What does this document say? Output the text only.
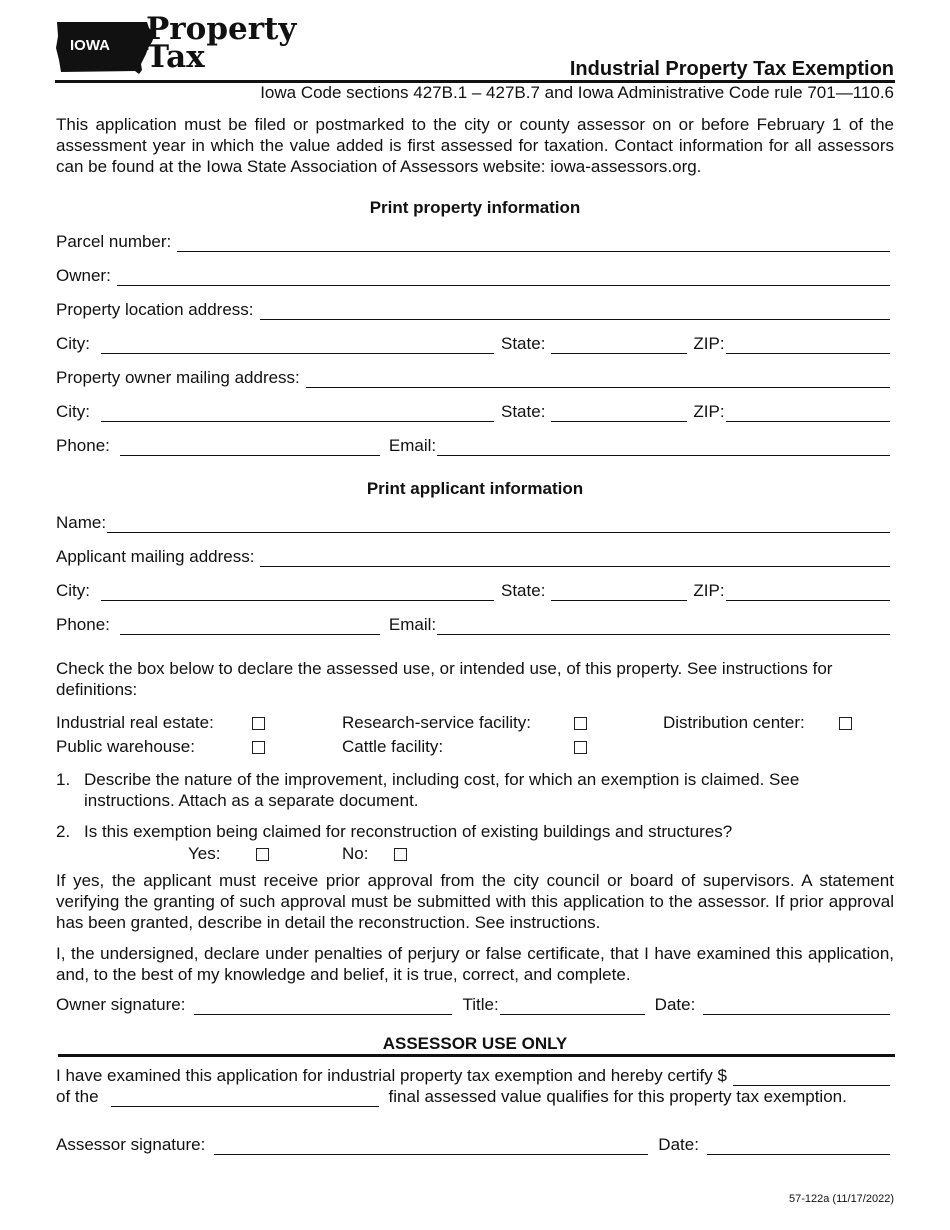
IOWA Property
Tax	Industrial Property Tax Exemption
Iowa Code sections 427B.1 – 427B.7 and Iowa Administrative Code rule 701—110.6
This application must be filed or postmarked to the city or county assessor on or before February 1 of the assessment year in which the value added is first assessed for taxation. Contact information for all assessors can be found at the Iowa State Association of Assessors website: iowa-assessors.org.
Print property information
Parcel number:
Owner:
Property location address:
City:	State:	ZIP:
Property owner mailing address:
City:	State:	ZIP:
Phone:	Email:
Print applicant information
Name:
Applicant mailing address:
City:	State:	ZIP:
Phone:	Email:
Check the box below to declare the assessed use, or intended use, of this property. See instructions for definitions:
Industrial real estate:	Research-service facility:	Distribution center:
Public warehouse:	Cattle facility:
1. Describe the nature of the improvement, including cost, for which an exemption is claimed. See instructions. Attach as a separate document.
2. Is this exemption being claimed for reconstruction of existing buildings and structures?
Yes:	No:
If yes, the applicant must receive prior approval from the city council or board of supervisors. A statement verifying the granting of such approval must be submitted with this application to the assessor. If prior approval has been granted, describe in detail the reconstruction. See instructions.
I, the undersigned, declare under penalties of perjury or false certificate, that I have examined this application, and, to the best of my knowledge and belief, it is true, correct, and complete.
Owner signature:	Title:	Date:
ASSESSOR USE ONLY
I have examined this application for industrial property tax exemption and hereby certify $
of the	final assessed value qualifies for this property tax exemption.
Assessor signature:	Date:
57-122a (11/17/2022)
